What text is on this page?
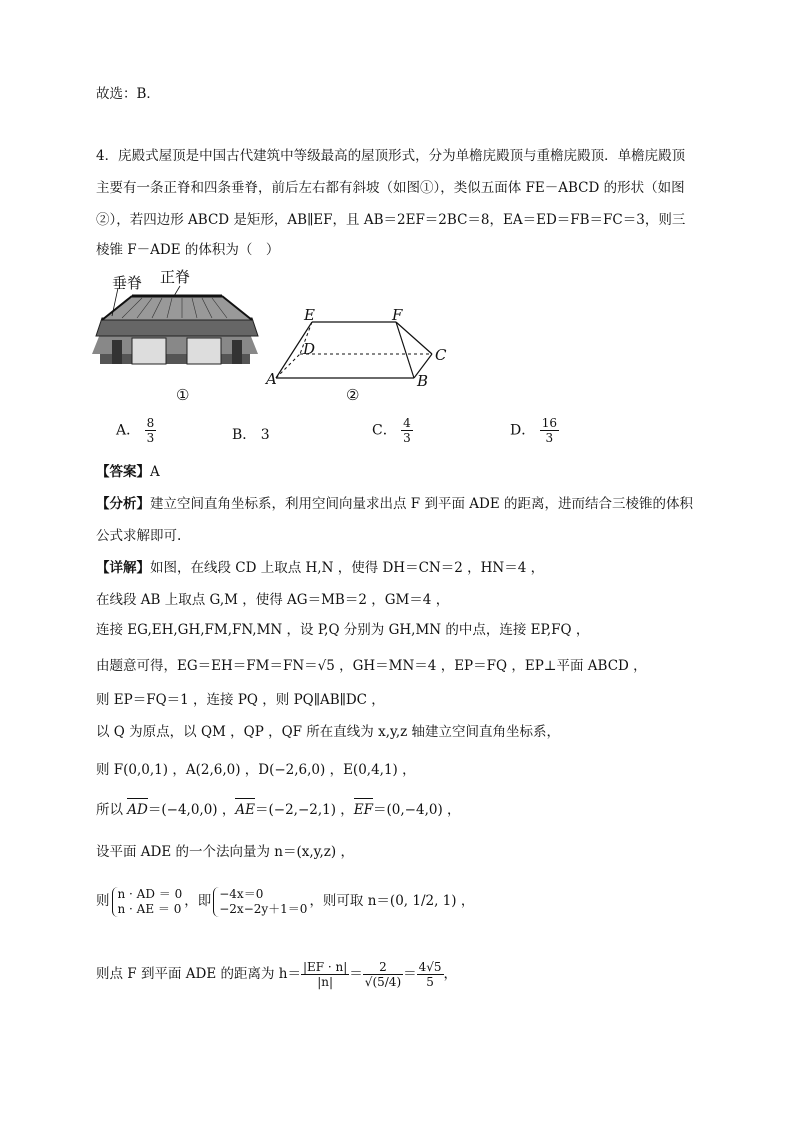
故选：B．
4．庑殿式屋顶是中国古代建筑中等级最高的屋顶形式，分为单檐庑殿顶与重檐庑殿顶．单檐庑殿顶
主要有一条正脊和四条垂脊，前后左右都有斜坡（如图①），类似五面体 FE－ABCD 的形状（如图
②），若四边形 ABCD 是矩形，AB∥EF，且 AB＝2EF＝2BC＝8，EA＝ED＝FB＝FC＝3，则三
棱锥 F－ADE 的体积为（　）
垂脊 正脊
①
E	F
D	C
A	B
②
A． $\frac{8}{3}$	B． 3	C． $\frac{4}{3}$	D． $\frac{16}{3}$
【答案】A
【分析】建立空间直角坐标系，利用空间向量求出点 F 到平面 ADE 的距离，进而结合三棱锥的体积
公式求解即可.
【详解】如图，在线段 CD 上取点 H,N ，使得 DH＝CN＝2 ，HN＝4 ，
在线段 AB 上取点 G,M ，使得 AG＝MB＝2 ，GM＝4 ，
连接 EG,EH,GH,FM,FN,MN ，设 P,Q 分别为 GH,MN 的中点，连接 EP,FQ ，
由题意可得，EG＝EH＝FM＝FN＝√5 ，GH＝MN＝4 ，EP＝FQ ，EP⊥平面 ABCD ，
则 EP＝FQ＝1 ，连接 PQ ，则 PQ∥AB∥DC ，
以 Q 为原点，以 QM ，QP ，QF 所在直线为 x,y,z 轴建立空间直角坐标系，
则 F(0,0,1) ，A(2,6,0) ，D(−2,6,0) ，E(0,4,1) ，
所以 AD＝(−4,0,0) ，AE＝(−2,−2,1) ，EF＝(0,−4,0) ，
设平面 ADE 的一个法向量为 n＝(x,y,z) ，
则 n · AD ＝ 0
n · AE ＝ 0 ，即 −4x＝0
−2x−2y＋1＝0 ，则可取 n＝(0, 1/2, 1) ，
则点 F 到平面 ADE 的距离为 $h= \frac{|EF \cdot n|}{|n|} = \frac{2}{√(5/4)} = \frac{4√5}{5}$ ，
